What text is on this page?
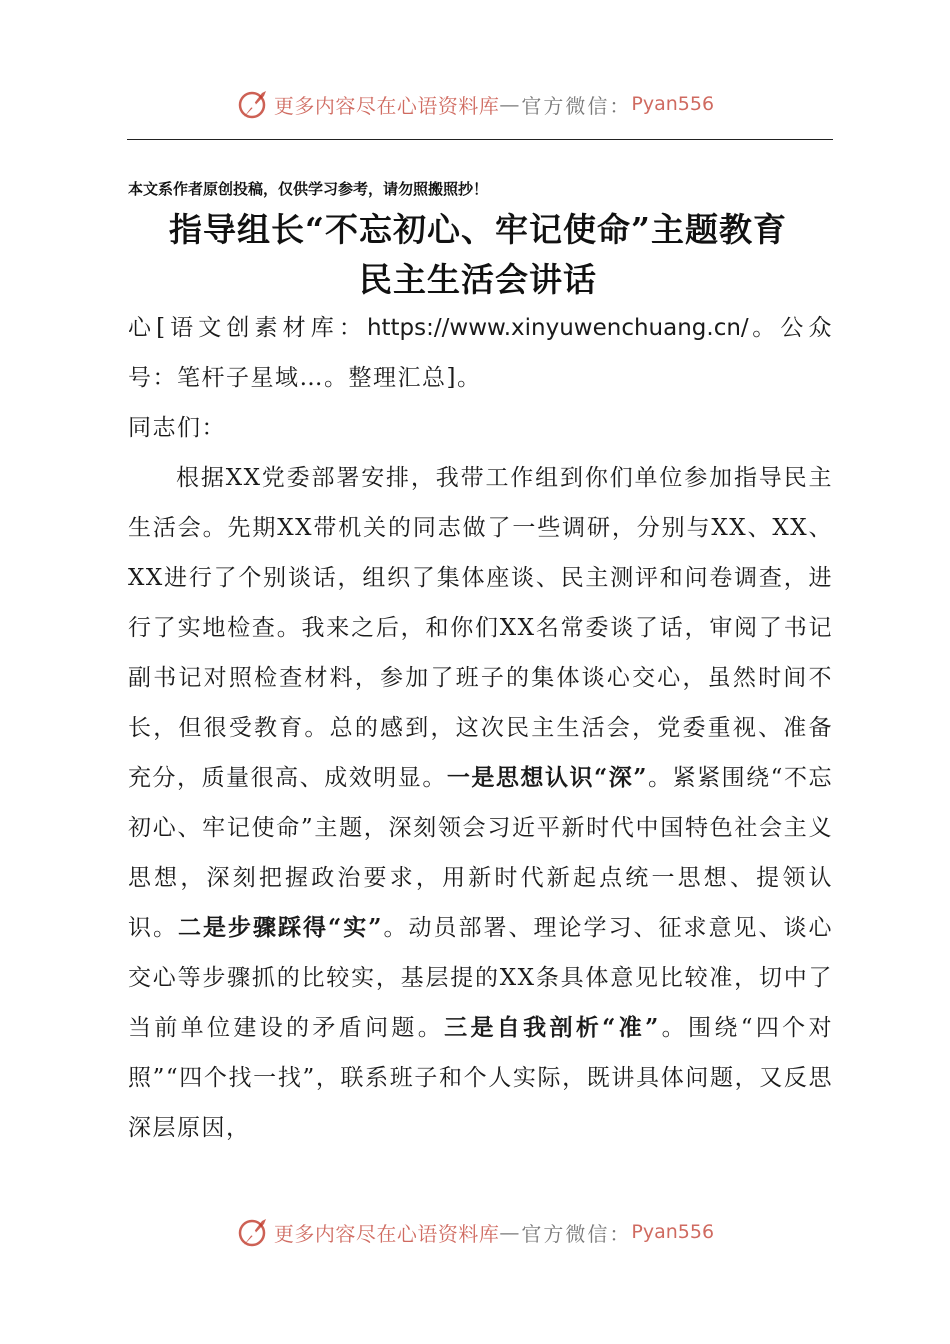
更多内容尽在心语资料库 — 官方微信： Pyan556
本文系作者原创投稿，仅供学习参考，请勿照搬照抄！
指导组长“不忘初心、牢记使命”主题教育
民主生活会讲话

心[语文创素材库：https://www.xinyuwenchuang.cn/。公众号：笔杆子星域…。整理汇总]。

同志们：

根据XX党委部署安排，我带工作组到你们单位参加指导民主生活会。先期XX带机关的同志做了一些调研，分别与XX、XX、XX进行了个别谈话，组织了集体座谈、民主测评和问卷调查，进行了实地检查。我来之后，和你们XX名常委谈了话，审阅了书记副书记对照检查材料，参加了班子的集体谈心交心，虽然时间不长，但很受教育。总的感到，这次民主生活会，党委重视、准备充分，质量很高、成效明显。一是思想认识“深”。紧紧围绕“不忘初心、牢记使命”主题，深刻领会习近平新时代中国特色社会主义思想，深刻把握政治要求，用新时代新起点统一思想、提领认识。二是步骤踩得“实”。动员部署、理论学习、征求意见、谈心交心等步骤抓的比较实，基层提的XX条具体意见比较准，切中了当前单位建设的矛盾问题。三是自我剖析“准”。围绕“四个对照”“四个找一找”，联系班子和个人实际，既讲具体问题，又反思深层原因，

更多内容尽在心语资料库 — 官方微信： Pyan556
